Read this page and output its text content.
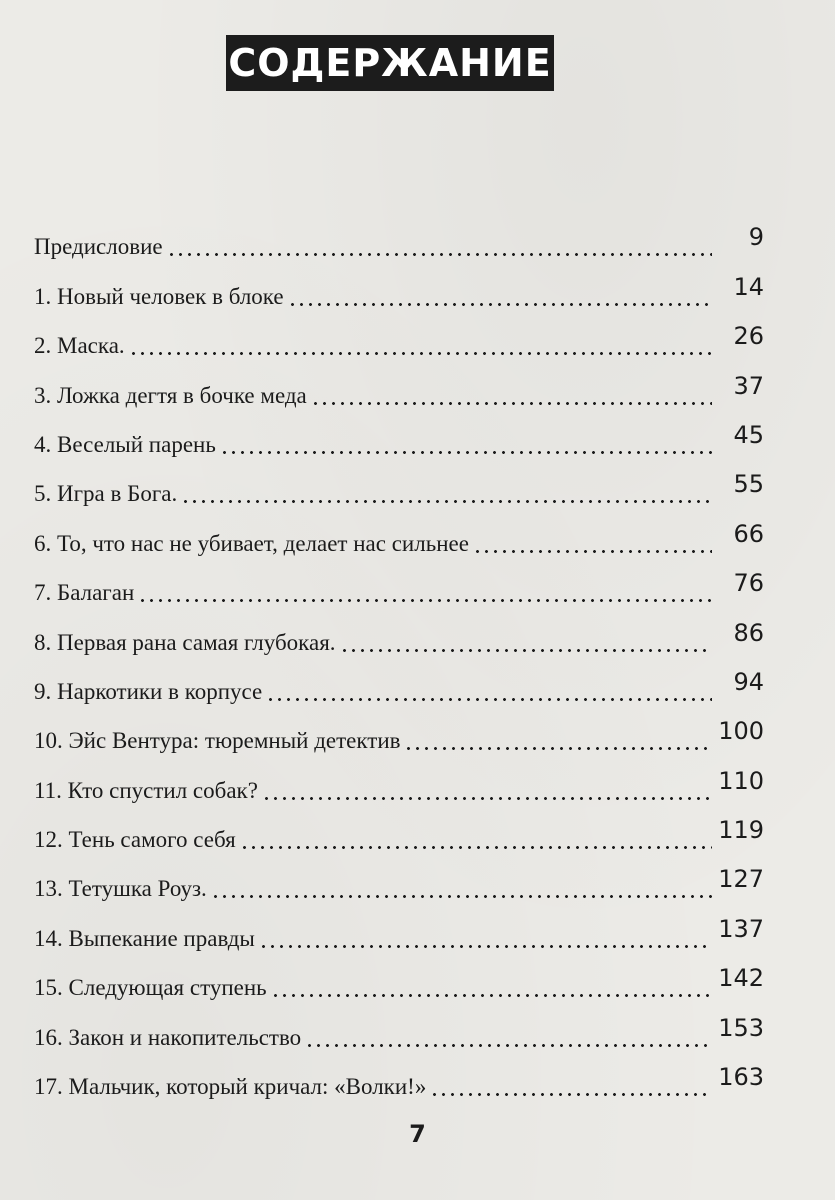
СОДЕРЖАНИЕ
Предисловие	9
1. Новый человек в блоке	14
2. Маска.	26
3. Ложка дегтя в бочке меда	37
4. Веселый парень	45
5. Игра в Бога.	55
6. То, что нас не убивает, делает нас сильнее	66
7. Балаган	76
8. Первая рана самая глубокая.	86
9. Наркотики в корпусе	94
10. Эйс Вентура: тюремный детектив	100
11. Кто спустил собак?	110
12. Тень самого себя	119
13. Тетушка Роуз.	127
14. Выпекание правды	137
15. Следующая ступень	142
16. Закон и накопительство	153
17. Мальчик, который кричал: «Волки!»	163
7
